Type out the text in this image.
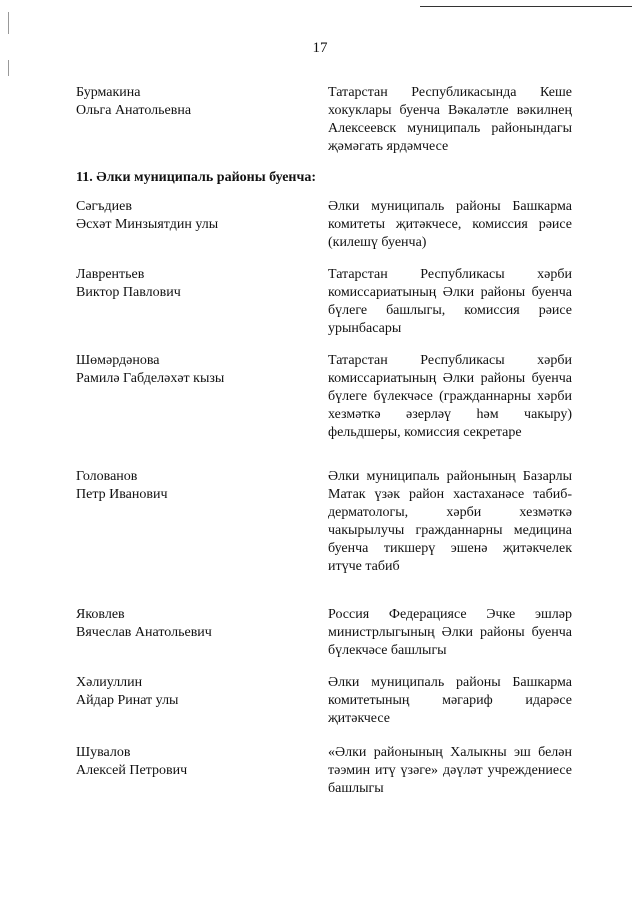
17
Бурмакина
Ольга Анатольевна
Татарстан Республикасында Кеше хокуклары буенча Вәкаләтле вәкилнең Алексеевск муниципаль районындагы җәмәгать ярдәмчесе
11. Әлки муниципаль районы буенча:
Сәгъдиев
Әсхәт Минзыятдин улы
Әлки муниципаль районы Башкарма комитеты җитәкчесе, комиссия рәисе (килешү буенча)
Лаврентьев
Виктор Павлович
Татарстан Республикасы хәрби комиссариатының Әлки районы буенча бүлеге башлыгы, комиссия рәисе урынбасары
Шөмәрдәнова
Рамилә Габделәхәт кызы
Татарстан Республикасы хәрби комиссариатының Әлки районы буенча бүлеге бүлекчәсе (гражданнарны хәрби хезмәткә әзерләү һәм чакыру) фельдшеры, комиссия секретаре
Голованов
Петр Иванович
Әлки муниципаль районының Базарлы Матак үзәк район хастаханәсе табиб-дерматологы, хәрби хезмәткә чакырылучы гражданнарны медицина буенча тикшерү эшенә җитәкчелек итүче табиб
Яковлев
Вячеслав Анатольевич
Россия Федерациясе Эчке эшләр министрлыгының Әлки районы буенча бүлекчәсе башлыгы
Хәлиуллин
Айдар Ринат улы
Әлки муниципаль районы Башкарма комитетының мәгариф идарәсе җитәкчесе
Шувалов
Алексей Петрович
«Әлки районының Халыкны эш белән тәэмин итү үзәге» дәүләт учреждениесе башлыгы
